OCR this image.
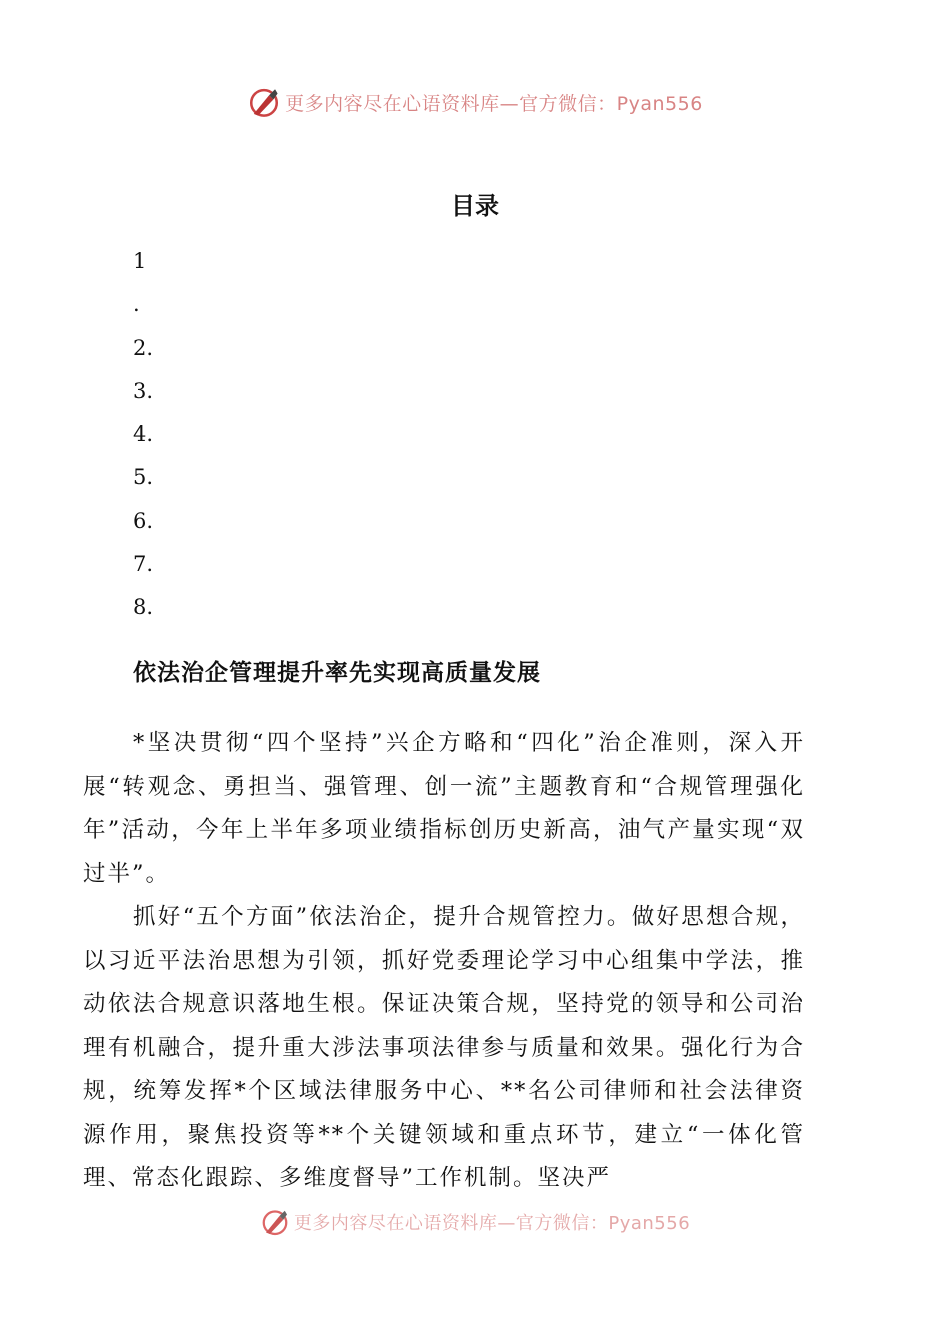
更多内容尽在心语资料库—官方微信：Pyan556
目录
1
.
2.
3.
4.
5.
6.
7.
8.
依法治企管理提升率先实现高质量发展

*坚决贯彻“四个坚持”兴企方略和“四化”治企准则，深入开展“转观念、勇担当、强管理、创一流”主题教育和“合规管理强化年”活动，今年上半年多项业绩指标创历史新高，油气产量实现“双过半”。

抓好“五个方面”依法治企，提升合规管控力。做好思想合规，以习近平法治思想为引领，抓好党委理论学习中心组集中学法，推动依法合规意识落地生根。保证决策合规，坚持党的领导和公司治理有机融合，提升重大涉法事项法律参与质量和效果。强化行为合规，统筹发挥*个区域法律服务中心、**名公司律师和社会法律资源作用，聚焦投资等**个关键领域和重点环节，建立“一体化管理、常态化跟踪、多维度督导”工作机制。坚决严

更多内容尽在心语资料库—官方微信：Pyan556
